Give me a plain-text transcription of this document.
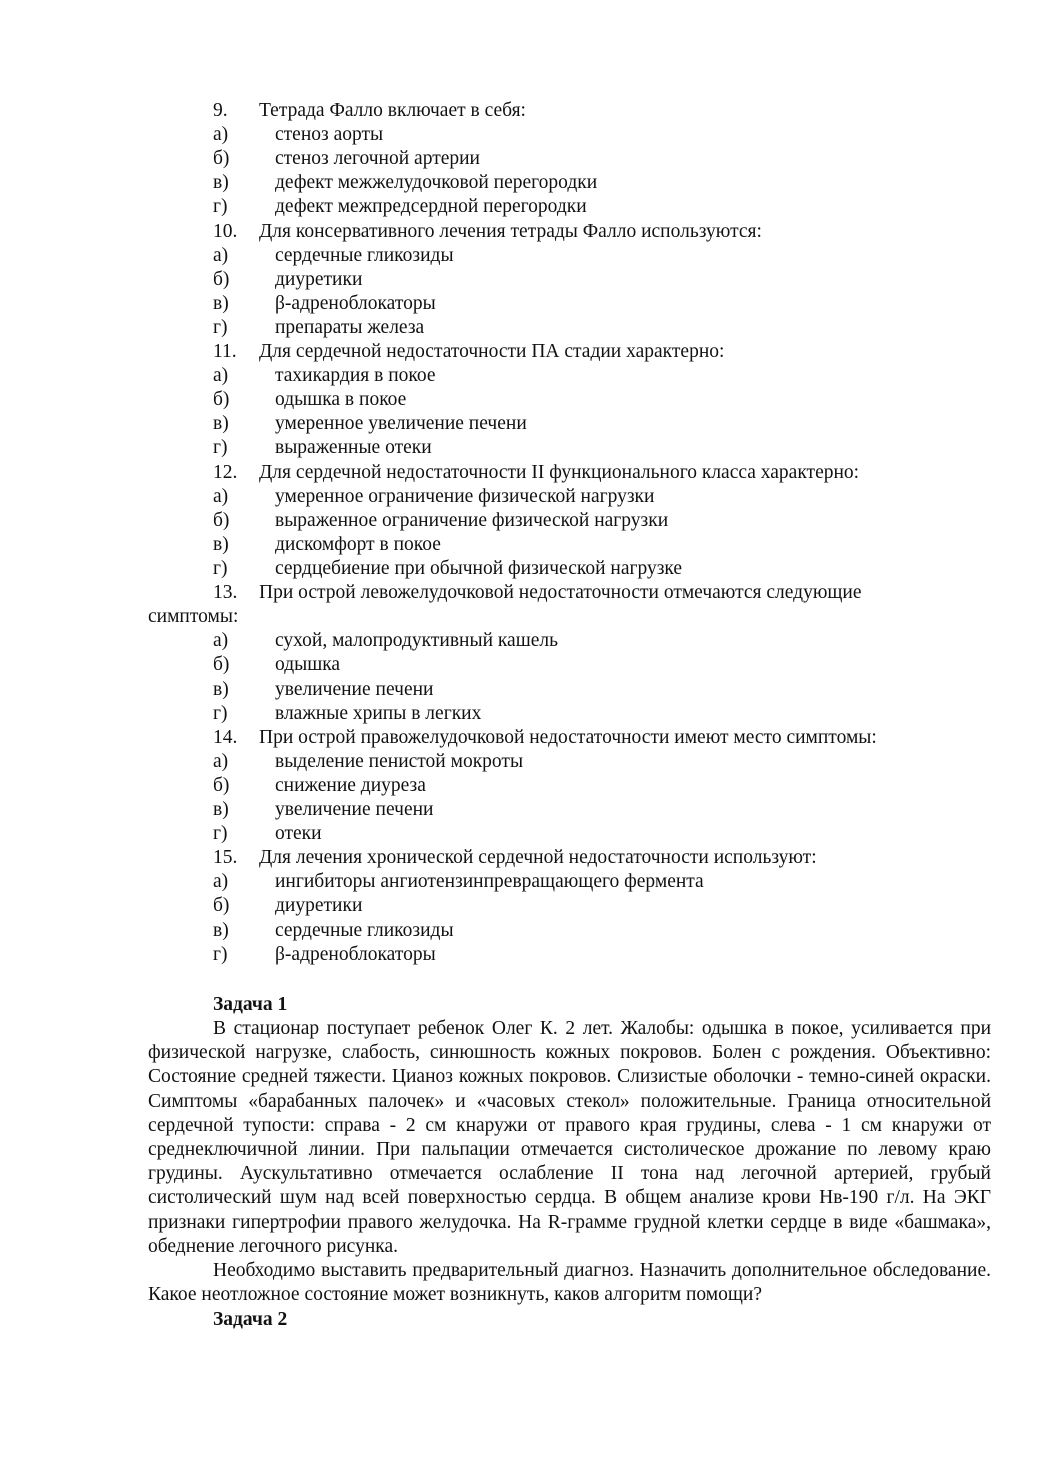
9. Тетрада Фалло включает в себя:
а) стеноз аорты
б) стеноз легочной артерии
в) дефект межжелудочковой перегородки
г) дефект межпредсердной перегородки
10. Для консервативного лечения тетрады Фалло используются:
а) сердечные гликозиды
б) диуретики
в) β-адреноблокаторы
г) препараты железа
11. Для сердечной недостаточности ПА стадии характерно:
а) тахикардия в покое
б) одышка в покое
в) умеренное увеличение печени
г) выраженные отеки
12. Для сердечной недостаточности II функционального класса характерно:
а) умеренное ограничение физической нагрузки
б) выраженное ограничение физической нагрузки
в) дискомфорт в покое
г) сердцебиение при обычной физической нагрузке
13. При острой левожелудочковой недостаточности отмечаются следующие
симптомы:
а) сухой, малопродуктивный кашель
б) одышка
в) увеличение печени
г) влажные хрипы в легких
14. При острой правожелудочковой недостаточности имеют место симптомы:
а) выделение пенистой мокроты
б) снижение диуреза
в) увеличение печени
г) отеки
15. Для лечения хронической сердечной недостаточности используют:
а) ингибиторы ангиотензинпревращающего фермента
б) диуретики
в) сердечные гликозиды
г) β-адреноблокаторы
Задача 1

В стационар поступает ребенок Олег К. 2 лет. Жалобы: одышка в покое, усиливается при физической нагрузке, слабость, синюшность кожных покровов. Болен с рождения. Объективно: Состояние средней тяжести. Цианоз кожных покровов. Слизистые оболочки - темно-синей окраски. Симптомы «барабанных палочек» и «часовых стекол» положительные. Граница относительной сердечной тупости: справа - 2 см кнаружи от правого края грудины, слева - 1 см кнаружи от среднеключичной линии. При пальпации отмечается систолическое дрожание по левому краю грудины. Аускультативно отмечается ослабление II тона над легочной артерией, грубый систолический шум над всей поверхностью сердца. В общем анализе крови Нв-190 г/л. На ЭКГ признаки гипертрофии правого желудочка. На R-грамме грудной клетки сердце в виде «башмака», обеднение легочного рисунка.

Необходимо выставить предварительный диагноз. Назначить дополнительное обследование. Какое неотложное состояние может возникнуть, каков алгоритм помощи?

Задача 2
